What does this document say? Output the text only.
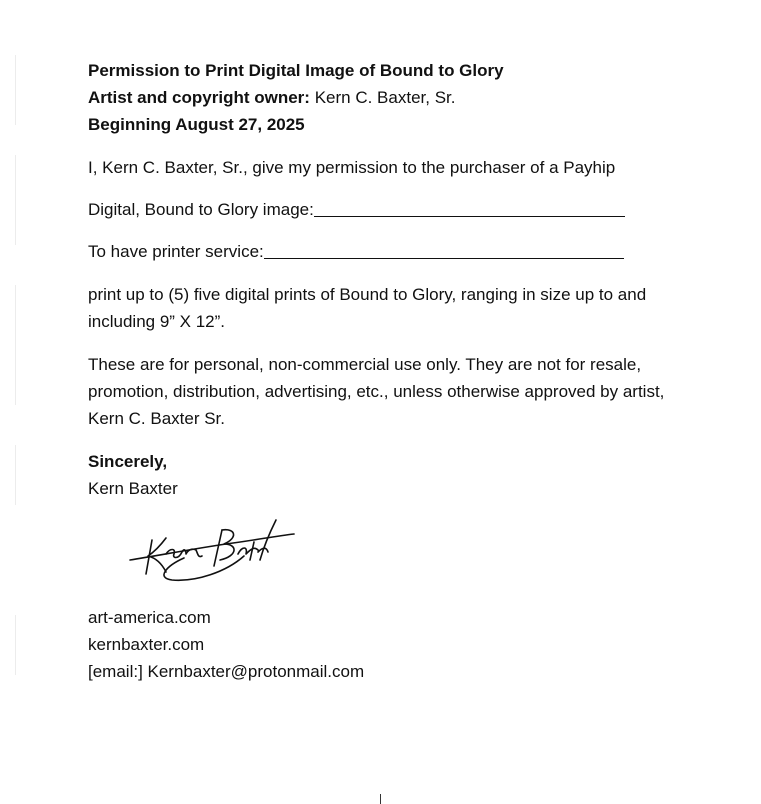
Permission to Print Digital Image of Bound to Glory

Artist and copyright owner: Kern C. Baxter, Sr.

Beginning August 27, 2025

I, Kern C. Baxter, Sr., give my permission to the purchaser of a Payhip

Digital, Bound to Glory image:

To have printer service:

print up to (5) five digital prints of Bound to Glory, ranging in size up to and including 9” X 12”.

These are for personal, non-commercial use only. They are not for resale, promotion, distribution, advertising, etc., unless otherwise approved by artist, Kern C. Baxter Sr.

Sincerely,

Kern Baxter

art-america.com

kernbaxter.com

[email:] Kernbaxter@protonmail.com
